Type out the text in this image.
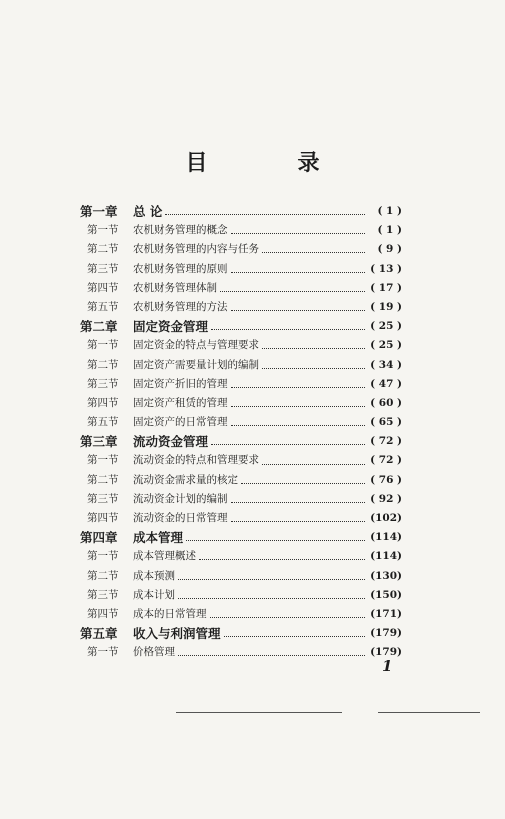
目　录
第一章	总 论	( 1 )
第一节	农机财务管理的概念	( 1 )
第二节	农机财务管理的内容与任务	( 9 )
第三节	农机财务管理的原则	( 13 )
第四节	农机财务管理体制	( 17 )
第五节	农机财务管理的方法	( 19 )
第二章	固定资金管理	( 25 )
第一节	固定资金的特点与管理要求	( 25 )
第二节	固定资产需要量计划的编制	( 34 )
第三节	固定资产折旧的管理	( 47 )
第四节	固定资产租赁的管理	( 60 )
第五节	固定资产的日常管理	( 65 )
第三章	流动资金管理	( 72 )
第一节	流动资金的特点和管理要求	( 72 )
第二节	流动资金需求量的核定	( 76 )
第三节	流动资金计划的编制	( 92 )
第四节	流动资金的日常管理	(102)
第四章	成本管理	(114)
第一节	成本管理概述	(114)
第二节	成本预测	(130)
第三节	成本计划	(150)
第四节	成本的日常管理	(171)
第五章	收入与利润管理	(179)
第一节	价格管理	(179)
1
